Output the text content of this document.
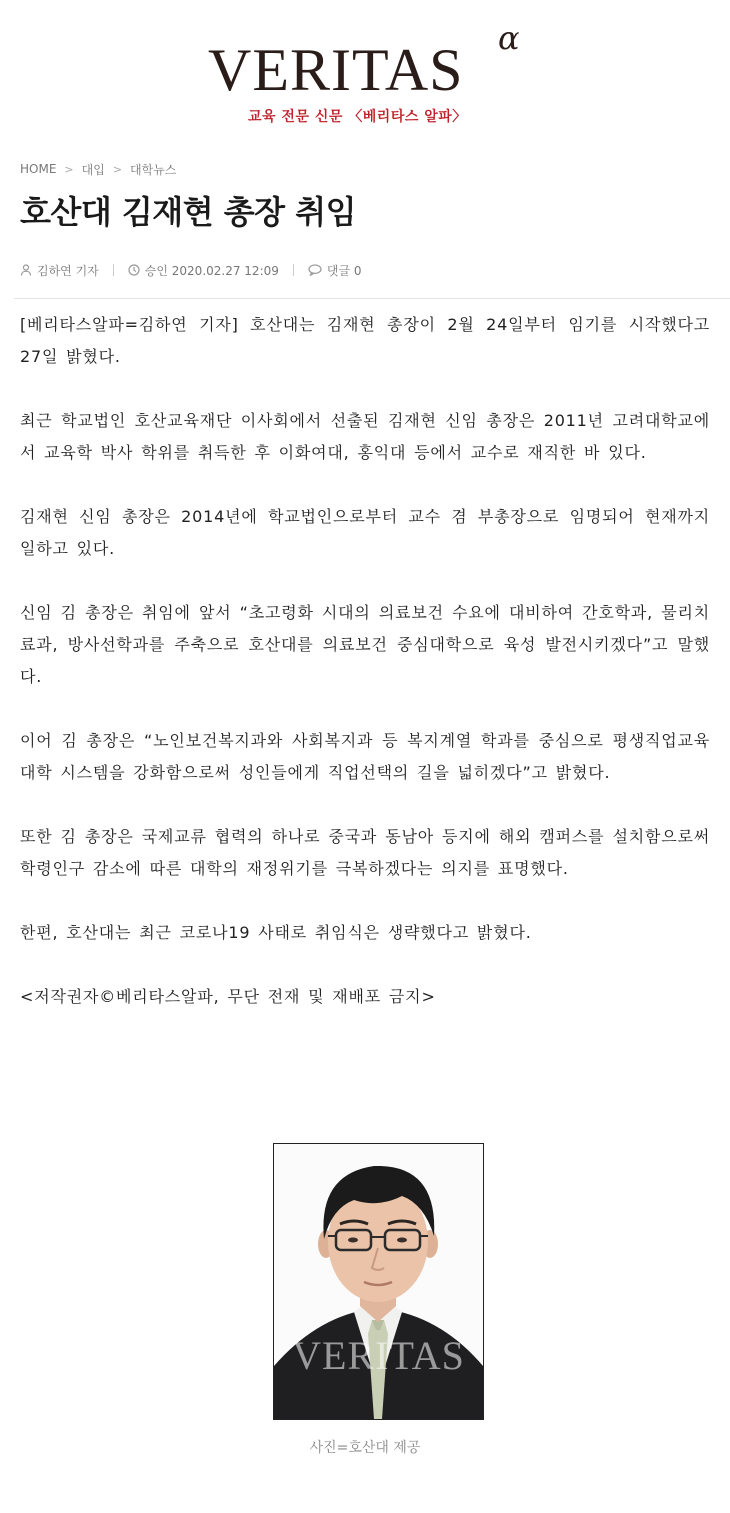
VERITAS	α
교육 전문 신문 〈베리타스 알파〉
HOME > 대입 > 대학뉴스
호산대 김재현 총장 취임
김하연 기자	승인 2020.02.27 12:09	댓글 0

[베리타스알파=김하연 기자] 호산대는 김재현 총장이 2월 24일부터 임기를 시작했다고 27일 밝혔다.

최근 학교법인 호산교육재단 이사회에서 선출된 김재현 신임 총장은 2011년 고려대학교에서 교육학 박사 학위를 취득한 후 이화여대, 홍익대 등에서 교수로 재직한 바 있다.

김재현 신임 총장은 2014년에 학교법인으로부터 교수 겸 부총장으로 임명되어 현재까지 일하고 있다.

신임 김 총장은 취임에 앞서 “초고령화 시대의 의료보건 수요에 대비하여 간호학과, 물리치료과, 방사선학과를 주축으로 호산대를 의료보건 중심대학으로 육성 발전시키겠다”고 말했다.

이어 김 총장은 “노인보건복지과와 사회복지과 등 복지계열 학과를 중심으로 평생직업교육대학 시스템을 강화함으로써 성인들에게 직업선택의 길을 넓히겠다”고 밝혔다.

또한 김 총장은 국제교류 협력의 하나로 중국과 동남아 등지에 해외 캠퍼스를 설치함으로써 학령인구 감소에 따른 대학의 재정위기를 극복하겠다는 의지를 표명했다.

한편, 호산대는 최근 코로나19 사태로 취임식은 생략했다고 밝혔다.

<저작권자©베리타스알파, 무단 전재 및 재배포 금지>

VERITAS
사진=호산대 제공
